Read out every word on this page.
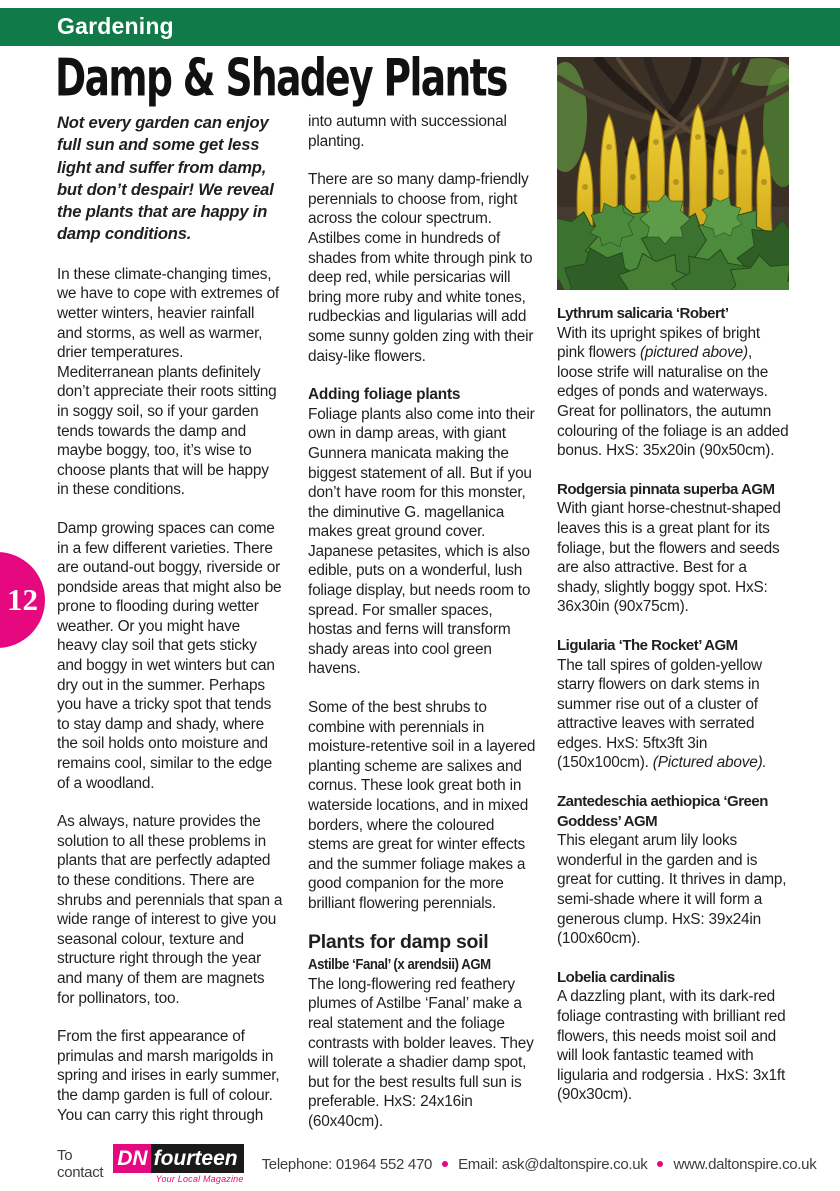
Gardening
Damp & Shadey Plants

Not every garden can enjoy full sun and some get less light and suffer from damp, but don’t despair! We reveal the plants that are happy in damp conditions.

In these climate-changing times, we have to cope with extremes of wetter winters, heavier rainfall and storms, as well as warmer, drier temperatures. Mediterranean plants definitely don’t appreciate their roots sitting in soggy soil, so if your garden tends towards the damp and maybe boggy, too, it’s wise to choose plants that will be happy in these conditions.

Damp growing spaces can come in a few different varieties. There are outand-out boggy, riverside or pondside areas that might also be prone to flooding during wetter weather. Or you might have heavy clay soil that gets sticky and boggy in wet winters but can dry out in the summer. Perhaps you have a tricky spot that tends to stay damp and shady, where the soil holds onto moisture and remains cool, similar to the edge of a woodland.

As always, nature provides the solution to all these problems in plants that are perfectly adapted to these conditions. There are shrubs and perennials that span a wide range of interest to give you seasonal colour, texture and structure right through the year and many of them are magnets for pollinators, too.

From the first appearance of primulas and marsh marigolds in spring and irises in early summer, the damp garden is full of colour. You can carry this right through

into autumn with successional planting.

There are so many damp-friendly perennials to choose from, right across the colour spectrum. Astilbes come in hundreds of shades from white through pink to deep red, while persicarias will bring more ruby and white tones, rudbeckias and ligularias will add some sunny golden zing with their daisy-like flowers.

Adding foliage plants

Foliage plants also come into their own in damp areas, with giant Gunnera manicata making the biggest statement of all. But if you don’t have room for this monster, the diminutive G. magellanica makes great ground cover. Japanese petasites, which is also edible, puts on a wonderful, lush foliage display, but needs room to spread. For smaller spaces, hostas and ferns will transform shady areas into cool green havens.

Some of the best shrubs to combine with perennials in moisture-retentive soil in a layered planting scheme are salixes and cornus. These look great both in waterside locations, and in mixed borders, where the coloured stems are great for winter effects and the summer foliage makes a good companion for the more brilliant flowering perennials.

Plants for damp soil
Astilbe ‘Fanal’ (x arendsii) AGM

The long-flowering red feathery plumes of Astilbe ‘Fanal’ make a real statement and the foliage contrasts with bolder leaves. They will tolerate a shadier damp spot, but for the best results full sun is preferable. HxS: 24x16in (60x40cm).

Lythrum salicaria ‘Robert’

With its upright spikes of bright pink flowers (pictured above), loose strife will naturalise on the edges of ponds and waterways. Great for pollinators, the autumn colouring of the foliage is an added bonus. HxS: 35x20in (90x50cm).

Rodgersia pinnata superba AGM

With giant horse-chestnut-shaped leaves this is a great plant for its foliage, but the flowers and seeds are also attractive. Best for a shady, slightly boggy spot. HxS: 36x30in (90x75cm).

Ligularia ‘The Rocket’ AGM

The tall spires of golden-yellow starry flowers on dark stems in summer rise out of a cluster of attractive leaves with serrated edges. HxS: 5ftx3ft 3in (150x100cm). (Pictured above).

Zantedeschia aethiopica ‘Green Goddess’ AGM

This elegant arum lily looks wonderful in the garden and is great for cutting. It thrives in damp, semi-shade where it will form a generous clump. HxS: 39x24in (100x60cm).

Lobelia cardinalis

A dazzling plant, with its dark-red foliage contrasting with brilliant red flowers, this needs moist soil and will look fantastic teamed with ligularia and rodgersia . HxS: 3x1ft (90x30cm).

12
To contact
DN fourteen
Your Local Magazine
Telephone: 01964 552 470 Email: ask@daltonspire.co.uk www.daltonspire.co.uk
